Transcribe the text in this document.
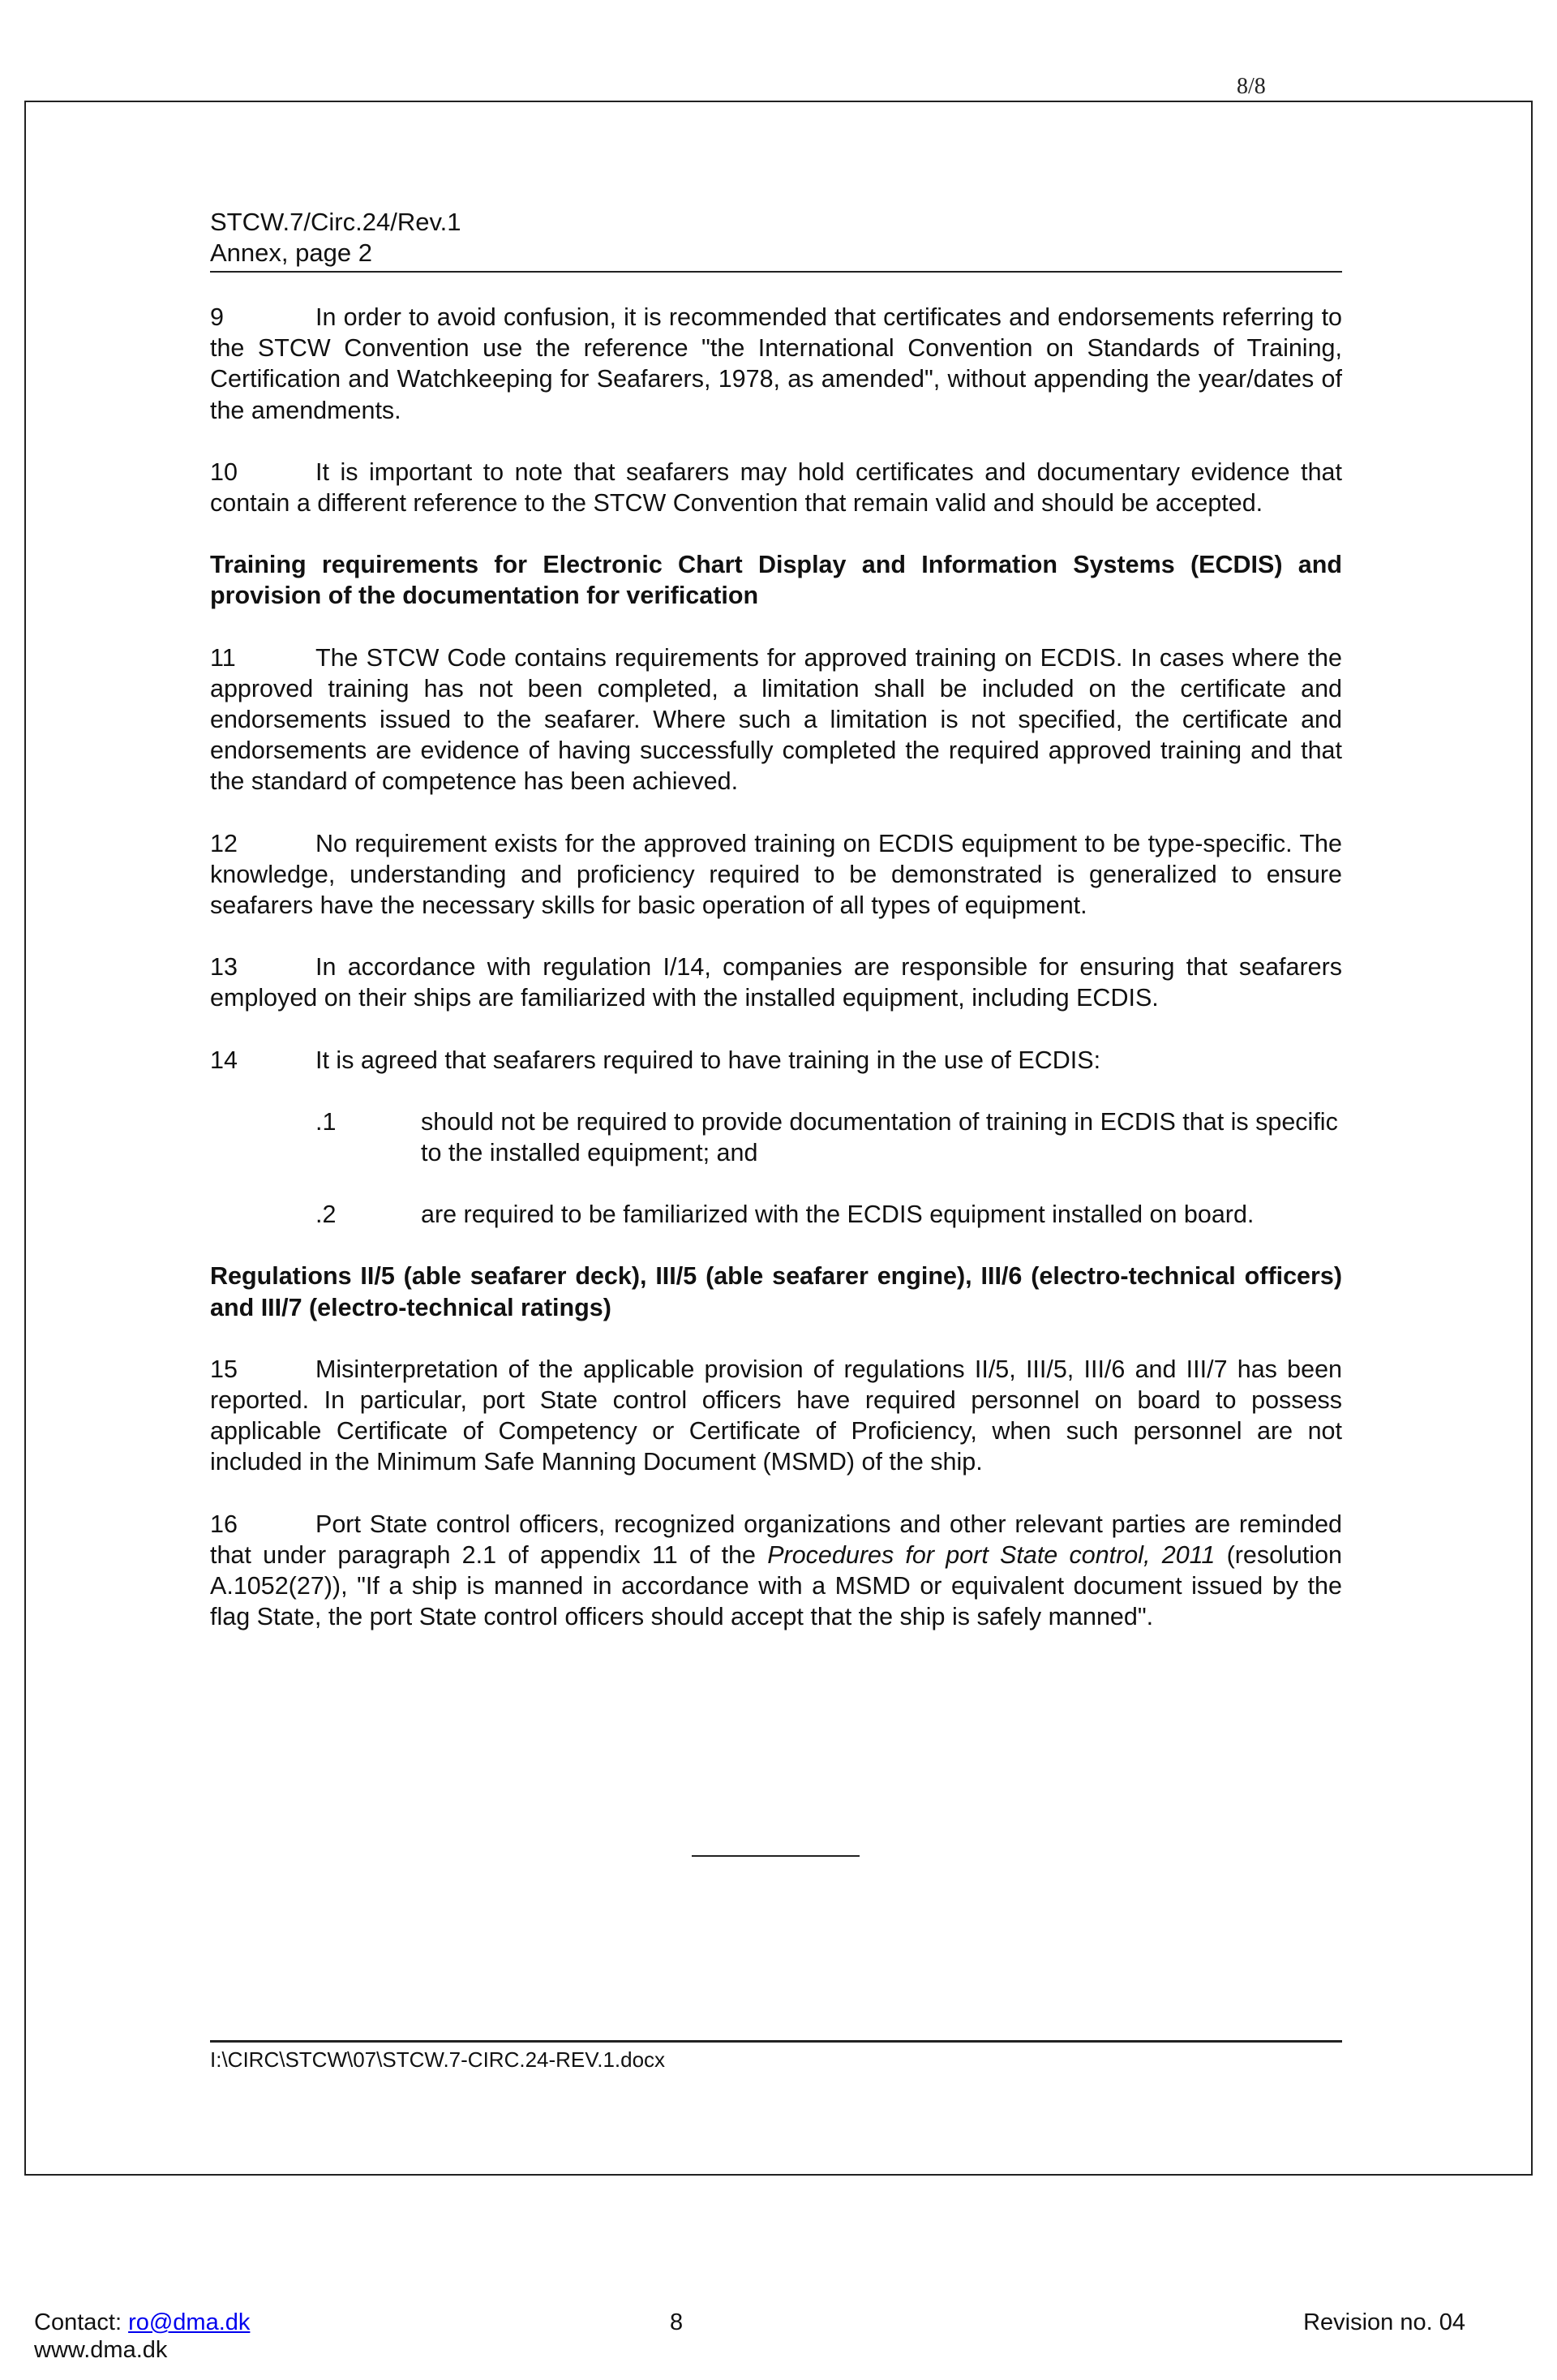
8/8
STCW.7/Circ.24/Rev.1
Annex, page 2

9	In order to avoid confusion, it is recommended that certificates and endorsements referring to the STCW Convention use the reference "the International Convention on Standards of Training, Certification and Watchkeeping for Seafarers, 1978, as amended", without appending the year/dates of the amendments.

10	It is important to note that seafarers may hold certificates and documentary evidence that contain a different reference to the STCW Convention that remain valid and should be accepted.

Training requirements for Electronic Chart Display and Information Systems (ECDIS) and provision of the documentation for verification

11	The STCW Code contains requirements for approved training on ECDIS. In cases where the approved training has not been completed, a limitation shall be included on the certificate and endorsements issued to the seafarer. Where such a limitation is not specified, the certificate and endorsements are evidence of having successfully completed the required approved training and that the standard of competence has been achieved.

12	No requirement exists for the approved training on ECDIS equipment to be type-specific. The knowledge, understanding and proficiency required to be demonstrated is generalized to ensure seafarers have the necessary skills for basic operation of all types of equipment.

13	In accordance with regulation I/14, companies are responsible for ensuring that seafarers employed on their ships are familiarized with the installed equipment, including ECDIS.

14	It is agreed that seafarers required to have training in the use of ECDIS:

.1	should not be required to provide documentation of training in ECDIS that is specific to the installed equipment; and
.2	are required to be familiarized with the ECDIS equipment installed on board.
Regulations II/5 (able seafarer deck), III/5 (able seafarer engine), III/6 (electro-technical officers) and III/7 (electro-technical ratings)

15	Misinterpretation of the applicable provision of regulations II/5, III/5, III/6 and III/7 has been reported. In particular, port State control officers have required personnel on board to possess applicable Certificate of Competency or Certificate of Proficiency, when such personnel are not included in the Minimum Safe Manning Document (MSMD) of the ship.

16	Port State control officers, recognized organizations and other relevant parties are reminded that under paragraph 2.1 of appendix 11 of the Procedures for port State control, 2011 (resolution A.1052(27)), "If a ship is manned in accordance with a MSMD or equivalent document issued by the flag State, the port State control officers should accept that the ship is safely manned".

I:\CIRC\STCW\07\STCW.7-CIRC.24-REV.1.docx
Contact: ro@dma.dk
www.dma.dk
8	Revision no. 04
